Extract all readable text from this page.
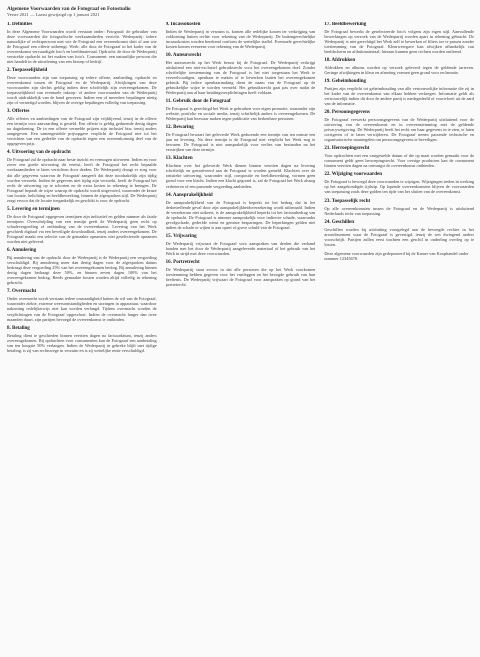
Algemene Voorwaarden van de Fotograaf en Fotostudio
Versie 2021 — Laatst gewijzigd op 1 januari 2021
1. Definities

In deze Algemene Voorwaarden wordt verstaan onder: Fotograaf: de gebruiker van deze voorwaarden die fotografische werkzaamheden verricht. Wederpartij: iedere natuurlijke of rechtspersoon met wie de Fotograaf een overeenkomst sluit of aan wie de Fotograaf een offerte uitbrengt. Werk: alle door de Fotograaf in het kader van de overeenkomst vervaardigde foto's en beeldmateriaal. Opdracht: de door de Wederpartij verstrekte opdracht tot het maken van foto's. Consument: een natuurlijke persoon die niet handelt in de uitoefening van een beroep of bedrijf.

2. Toepasselijkheid

Deze voorwaarden zijn van toepassing op iedere offerte, aanbieding, opdracht en overeenkomst tussen de Fotograaf en de Wederpartij. Afwijkingen van deze voorwaarden zijn slechts geldig indien deze schriftelijk zijn overeengekomen. De toepasselijkheid van eventuele inkoop- of andere voorwaarden van de Wederpartij wordt uitdrukkelijk van de hand gewezen. Indien een of meerdere bepalingen nietig zijn of vernietigd worden, blijven de overige bepalingen volledig van toepassing.

3. Offertes

Alle offertes en aanbiedingen van de Fotograaf zijn vrijblijvend, tenzij in de offerte een termijn voor aanvaarding is gesteld. Een offerte is geldig gedurende dertig dagen na dagtekening. De in een offerte vermelde prijzen zijn inclusief btw, tenzij anders aangegeven. Een samengestelde prijsopgave verplicht de Fotograaf niet tot het verrichten van een gedeelte van de opdracht tegen een overeenkomstig deel van de opgegeven prijs.

4. Uitvoering van de opdracht

De Fotograaf zal de opdracht naar beste inzicht en vermogen uitvoeren. Indien en voor zover een goede uitvoering dit vereist, heeft de Fotograaf het recht bepaalde werkzaamheden te laten verrichten door derden. De Wederpartij draagt er zorg voor dat alle gegevens waarvan de Fotograaf aangeeft dat deze noodzakelijk zijn tijdig worden verstrekt. Indien de gegevens niet tijdig zijn verstrekt, heeft de Fotograaf het recht de uitvoering op te schorten en de extra kosten in rekening te brengen. De Fotograaf bepaalt de wijze waarop de opdracht wordt uitgevoerd, waaronder de keuze van locatie, belichting en beeldbewerking, binnen de afgesproken stijl. De Wederpartij zorgt ervoor dat de locatie toegankelijk en geschikt is voor de opdracht.

5. Levering en termijnen

De door de Fotograaf opgegeven termijnen zijn indicatief en gelden nimmer als fatale termijnen. Overschrijding van een termijn geeft de Wederpartij geen recht op schadevergoeding of ontbinding van de overeenkomst. Levering van het Werk geschiedt digitaal via een beveiligde downloadlink, tenzij anders overeengekomen. De Fotograaf maakt een selectie van de gemaakte opnamen; niet geselecteerde opnamen worden niet geleverd.

6. Annulering

Bij annulering van de opdracht door de Wederpartij is de Wederpartij een vergoeding verschuldigd. Bij annulering meer dan dertig dagen voor de afgesproken datum bedraagt deze vergoeding 25% van het overeengekomen bedrag. Bij annulering binnen dertig dagen bedraagt deze 50%, en binnen zeven dagen 100% van het overeengekomen bedrag. Reeds gemaakte kosten worden altijd volledig in rekening gebracht.

7. Overmacht

Onder overmacht wordt verstaan iedere omstandigheid buiten de wil van de Fotograaf, waaronder ziekte, extreme weersomstandigheden en storingen in apparatuur, waardoor nakoming redelijkerwijs niet kan worden verlangd. Tijdens overmacht worden de verplichtingen van de Fotograaf opgeschort. Indien de overmacht langer dan twee maanden duurt, zijn partijen bevoegd de overeenkomst te ontbinden.

8. Betaling

Betaling dient te geschieden binnen veertien dagen na factuurdatum, tenzij anders overeengekomen. Bij opdrachten voor consumenten kan de Fotograaf een aanbetaling van ten hoogste 50% verlangen. Indien de Wederpartij in gebreke blijft met tijdige betaling, is zij van rechtswege in verzuim en is zij wettelijke rente verschuldigd.

9. Incassokosten

Indien de Wederpartij in verzuim is, komen alle redelijke kosten ter verkrijging van voldoening buiten rechte voor rekening van de Wederpartij. De buitengerechtelijke incassokosten worden berekend conform de wettelijke staffel. Eventuele gerechtelijke kosten komen eveneens voor rekening van de Wederpartij.

10. Auteursrecht

Het auteursrecht op het Werk berust bij de Fotograaf. De Wederpartij verkrijgt uitsluitend een niet-exclusief gebruiksrecht voor het overeengekomen doel. Zonder schriftelijke toestemming van de Fotograaf is het niet toegestaan het Werk te verveelvoudigen, openbaar te maken of te bewerken buiten het overeengekomen gebruik. Bij iedere openbaarmaking dient de naam van de Fotograaf op de gebruikelijke wijze te worden vermeld. Het gebruiksrecht gaat pas over nadat de Wederpartij aan al haar betalingsverplichtingen heeft voldaan.

11. Gebruik door de Fotograaf

De Fotograaf is gerechtigd het Werk te gebruiken voor eigen promotie, waaronder zijn website, portfolio en sociale media, tenzij schriftelijk anders is overeengekomen. De Wederpartij kan bezwaar maken tegen publicatie van herkenbare personen.

12. Bewaring

De Fotograaf bewaart het geleverde Werk gedurende een termijn van ten minste een jaar na levering. Na deze termijn is de Fotograaf niet verplicht het Werk nog te bewaren. De Fotograaf is niet aansprakelijk voor verlies van bestanden na het verstrijken van deze termijn.

13. Klachten

Klachten over het geleverde Werk dienen binnen veertien dagen na levering schriftelijk en gemotiveerd aan de Fotograaf te worden gemeld. Klachten over de artistieke uitvoering, waaronder stijl, compositie en beeldbewerking, vormen geen grond voor een klacht. Indien een klacht gegrond is, zal de Fotograaf het Werk alsnog verbeteren of een passende vergoeding aanbieden.

14. Aansprakelijkheid

De aansprakelijkheid van de Fotograaf is beperkt tot het bedrag dat in het desbetreffende geval door zijn aansprakelijkheidsverzekering wordt uitbetaald. Indien de verzekeraar niet uitkeert, is de aansprakelijkheid beperkt tot het factuurbedrag van de opdracht. De Fotograaf is nimmer aansprakelijk voor indirecte schade, waaronder gevolgschade, gederfde winst en gemiste besparingen. De beperkingen gelden niet indien de schade te wijten is aan opzet of grove schuld van de Fotograaf.

15. Vrijwaring

De Wederpartij vrijwaart de Fotograaf voor aanspraken van derden die verband houden met het door de Wederpartij aangeleverde materiaal of het gebruik van het Werk in strijd met deze voorwaarden.

16. Portretrecht

De Wederpartij staat ervoor in dat alle personen die op het Werk voorkomen toestemming hebben gegeven voor het vastleggen en het beoogde gebruik van hun beeltenis. De Wederpartij vrijwaart de Fotograaf voor aanspraken op grond van het portretrecht.

17. Beeldbewerking

De Fotograaf bewerkt de geselecteerde foto's volgens zijn eigen stijl. Aanvullende bewerkingen op verzoek van de Wederpartij worden apart in rekening gebracht. De Wederpartij is niet gerechtigd het Werk zelf te bewerken of filters toe te passen zonder toestemming van de Fotograaf. Kleurweergave kan afwijken afhankelijk van beeldscherm en afdrukmateriaal; hieraan kunnen geen rechten worden ontleend.

18. Afdrukken

Afdrukken en albums worden op verzoek geleverd tegen de geldende tarieven. Geringe afwijkingen in kleur en afmeting vormen geen grond voor reclamatie.

19. Geheimhouding

Partijen zijn verplicht tot geheimhouding van alle vertrouwelijke informatie die zij in het kader van de overeenkomst van elkaar hebben verkregen. Informatie geldt als vertrouwelijk indien dit door de andere partij is medegedeeld of voortvloeit uit de aard van de informatie.

20. Persoonsgegevens

De Fotograaf verwerkt persoonsgegevens van de Wederpartij uitsluitend voor de uitvoering van de overeenkomst en in overeenstemming met de geldende privacywetgeving. De Wederpartij heeft het recht om haar gegevens in te zien, te laten corrigeren of te laten verwijderen. De Fotograaf neemt passende technische en organisatorische maatregelen om persoonsgegevens te beveiligen.

21. Herroepingsrecht

Voor opdrachten met een vastgestelde datum of die op maat worden gemaakt voor de consument geldt geen herroepingsrecht. Voor overige producten kan de consument binnen veertien dagen na ontvangst de overeenkomst ontbinden.

22. Wijziging voorwaarden

De Fotograaf is bevoegd deze voorwaarden te wijzigen. Wijzigingen treden in werking op het aangekondigde tijdstip. Op lopende overeenkomsten blijven de voorwaarden van toepassing zoals deze golden ten tijde van het sluiten van de overeenkomst.

23. Toepasselijk recht

Op alle overeenkomsten tussen de Fotograaf en de Wederpartij is uitsluitend Nederlands recht van toepassing.

24. Geschillen

Geschillen worden bij uitsluiting voorgelegd aan de bevoegde rechter in het arrondissement waar de Fotograaf is gevestigd, tenzij de wet dwingend anders voorschrijft. Partijen zullen eerst trachten een geschil in onderling overleg op te lossen.

Deze algemene voorwaarden zijn gedeponeerd bij de Kamer van Koophandel onder nummer 12345678.
